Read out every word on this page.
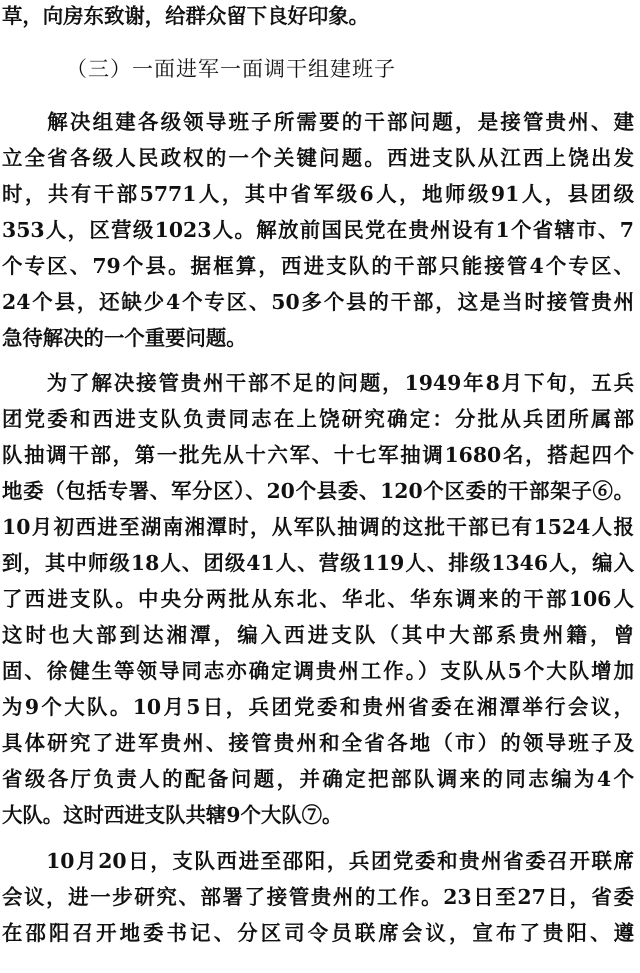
草，向房东致谢，给群众留下良好印象。
（三）一面进军一面调干组建班子
　　解决组建各级领导班子所需要的干部问题，是接管贵州、建
立全省各级人民政权的一个关键问题。西进支队从江西上饶出发
时，共有干部5771人，其中省军级6人，地师级91人，县团级
353人，区营级1023人。解放前国民党在贵州设有1个省辖市、7
个专区、79个县。据框算，西进支队的干部只能接管4个专区、
24个县，还缺少4个专区、50多个县的干部，这是当时接管贵州
急待解决的一个重要问题。
　　为了解决接管贵州干部不足的问题，1949年8月下旬，五兵
团党委和西进支队负责同志在上饶研究确定：分批从兵团所属部
队抽调干部，第一批先从十六军、十七军抽调1680名，搭起四个
地委（包括专署、军分区）、20个县委、120个区委的干部架子⑥。
10月初西进至湖南湘潭时，从军队抽调的这批干部已有1524人报
到，其中师级18人、团级41人、营级119人、排级1346人，编入
了西进支队。中央分两批从东北、华北、华东调来的干部106人
这时也大部到达湘潭，编入西进支队（其中大部系贵州籍，曾
固、徐健生等领导同志亦确定调贵州工作。）支队从5个大队增加
为9个大队。10月5日，兵团党委和贵州省委在湘潭举行会议，
具体研究了进军贵州、接管贵州和全省各地（市）的领导班子及
省级各厅负责人的配备问题，并确定把部队调来的同志编为4个
大队。这时西进支队共辖9个大队⑦。
　　10月20日，支队西进至邵阳，兵团党委和贵州省委召开联席
会议，进一步研究、部署了接管贵州的工作。23日至27日，省委
在邵阳召开地委书记、分区司令员联席会议，宣布了贵阳、遵
